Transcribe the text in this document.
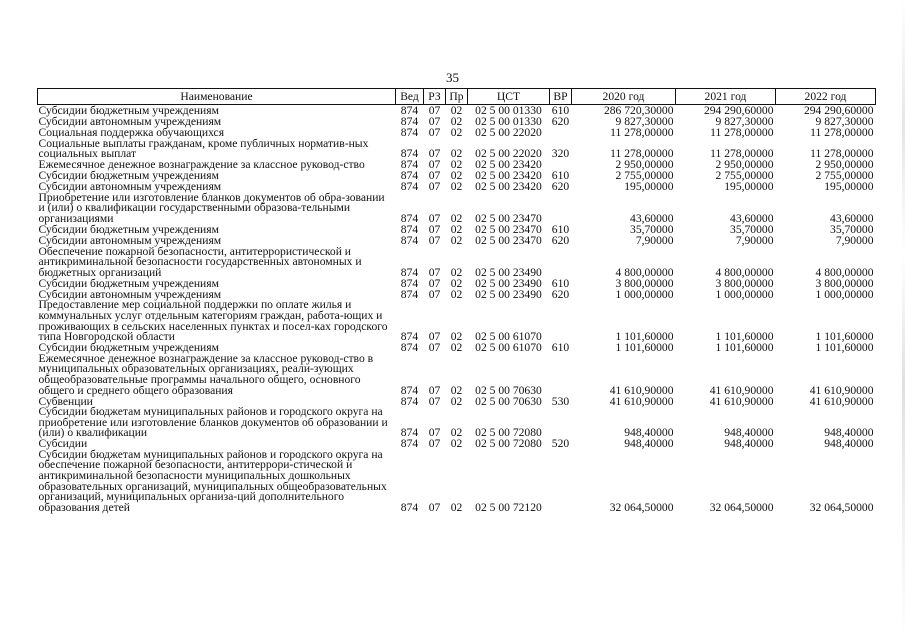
35
Наименование	Вед	РЗ	Пр	ЦСТ	ВР	2020 год	2021 год	2022 год
Субсидии бюджетным учреждениям	874	07	02	02 5 00 01330	610	286 720,30000	294 290,60000	294 290,60000
Субсидии автономным учреждениям	874	07	02	02 5 00 01330	620	9 827,30000	9 827,30000	9 827,30000
Социальная поддержка обучающихся	874	07	02	02 5 00 22020		11 278,00000	11 278,00000	11 278,00000
Социальные выплаты гражданам, кроме публичных норматив-ных социальных выплат	874	07	02	02 5 00 22020	320	11 278,00000	11 278,00000	11 278,00000
Ежемесячное денежное вознаграждение за классное руковод-ство	874	07	02	02 5 00 23420		2 950,00000	2 950,00000	2 950,00000
Субсидии бюджетным учреждениям	874	07	02	02 5 00 23420	610	2 755,00000	2 755,00000	2 755,00000
Субсидии автономным учреждениям	874	07	02	02 5 00 23420	620	195,00000	195,00000	195,00000
Приобретение или изготовление бланков документов об обра-зовании и (или) о квалификации государственными образова-тельными организациями	874	07	02	02 5 00 23470		43,60000	43,60000	43,60000
Субсидии бюджетным учреждениям	874	07	02	02 5 00 23470	610	35,70000	35,70000	35,70000
Субсидии автономным учреждениям	874	07	02	02 5 00 23470	620	7,90000	7,90000	7,90000
Обеспечение пожарной безопасности, антитеррористической и антикриминальной безопасности государственных автономных и бюджетных организаций	874	07	02	02 5 00 23490		4 800,00000	4 800,00000	4 800,00000
Субсидии бюджетным учреждениям	874	07	02	02 5 00 23490	610	3 800,00000	3 800,00000	3 800,00000
Субсидии автономным учреждениям	874	07	02	02 5 00 23490	620	1 000,00000	1 000,00000	1 000,00000
Предоставление мер социальной поддержки по оплате жилья и коммунальных услуг отдельным категориям граждан, работа-ющих и проживающих в сельских населенных пунктах и посел-ках городского типа Новгородской области	874	07	02	02 5 00 61070		1 101,60000	1 101,60000	1 101,60000
Субсидии бюджетным учреждениям	874	07	02	02 5 00 61070	610	1 101,60000	1 101,60000	1 101,60000
Ежемесячное денежное вознаграждение за классное руковод-ство в муниципальных образовательных организациях, реали-зующих общеобразовательные программы начального общего, основного общего и среднего общего образования	874	07	02	02 5 00 70630		41 610,90000	41 610,90000	41 610,90000
Субвенции	874	07	02	02 5 00 70630	530	41 610,90000	41 610,90000	41 610,90000
Субсидии бюджетам муниципальных районов и городского округа на приобретение или изготовление бланков документов об образовании и (или) о квалификации	874	07	02	02 5 00 72080		948,40000	948,40000	948,40000
Субсидии	874	07	02	02 5 00 72080	520	948,40000	948,40000	948,40000
Субсидии бюджетам муниципальных районов и городского округа на обеспечение пожарной безопасности, антитеррори-стической и антикриминальной безопасности муниципальных дошкольных образовательных организаций, муниципальных общеобразовательных организаций, муниципальных организа-ций дополнительного образования детей	874	07	02	02 5 00 72120		32 064,50000	32 064,50000	32 064,50000
